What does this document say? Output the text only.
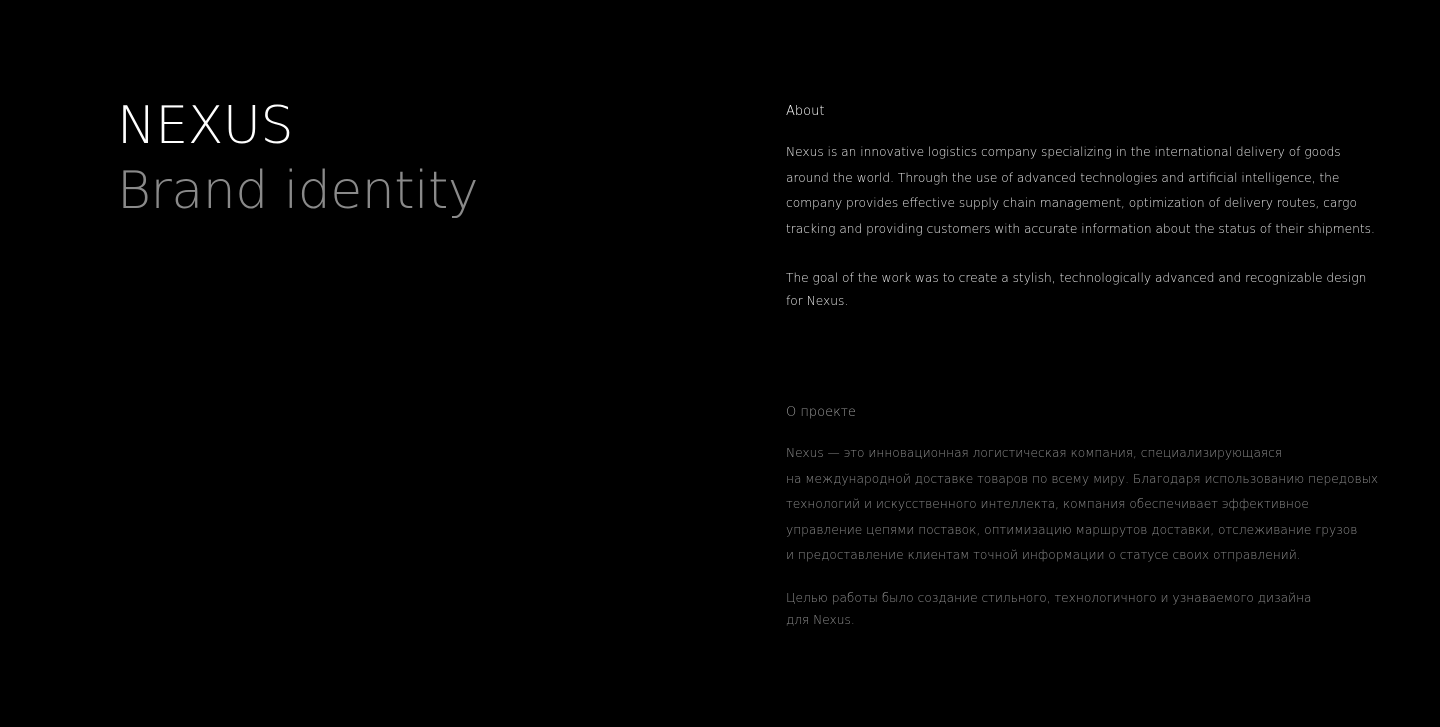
NEXUS
Brand identity
About

Nexus is an innovative logistics company specializing in the international delivery of goods
around the world. Through the use of advanced technologies and artificial intelligence, the
company provides effective supply chain management, optimization of delivery routes, cargo
tracking and providing customers with accurate information about the status of their shipments.

The goal of the work was to create a stylish, technologically advanced and recognizable design
for Nexus.

О проекте

Nexus — это инновационная логистическая компания, специализирующаяся
на международной доставке товаров по всему миру. Благодаря использованию передовых
технологий и искусственного интеллекта, компания обеспечивает эффективное
управление цепями поставок, оптимизацию маршрутов доставки, отслеживание грузов
и предоставление клиентам точной информации о статусе своих отправлений.

Целью работы было создание стильного, технологичного и узнаваемого дизайна
для Nexus.
